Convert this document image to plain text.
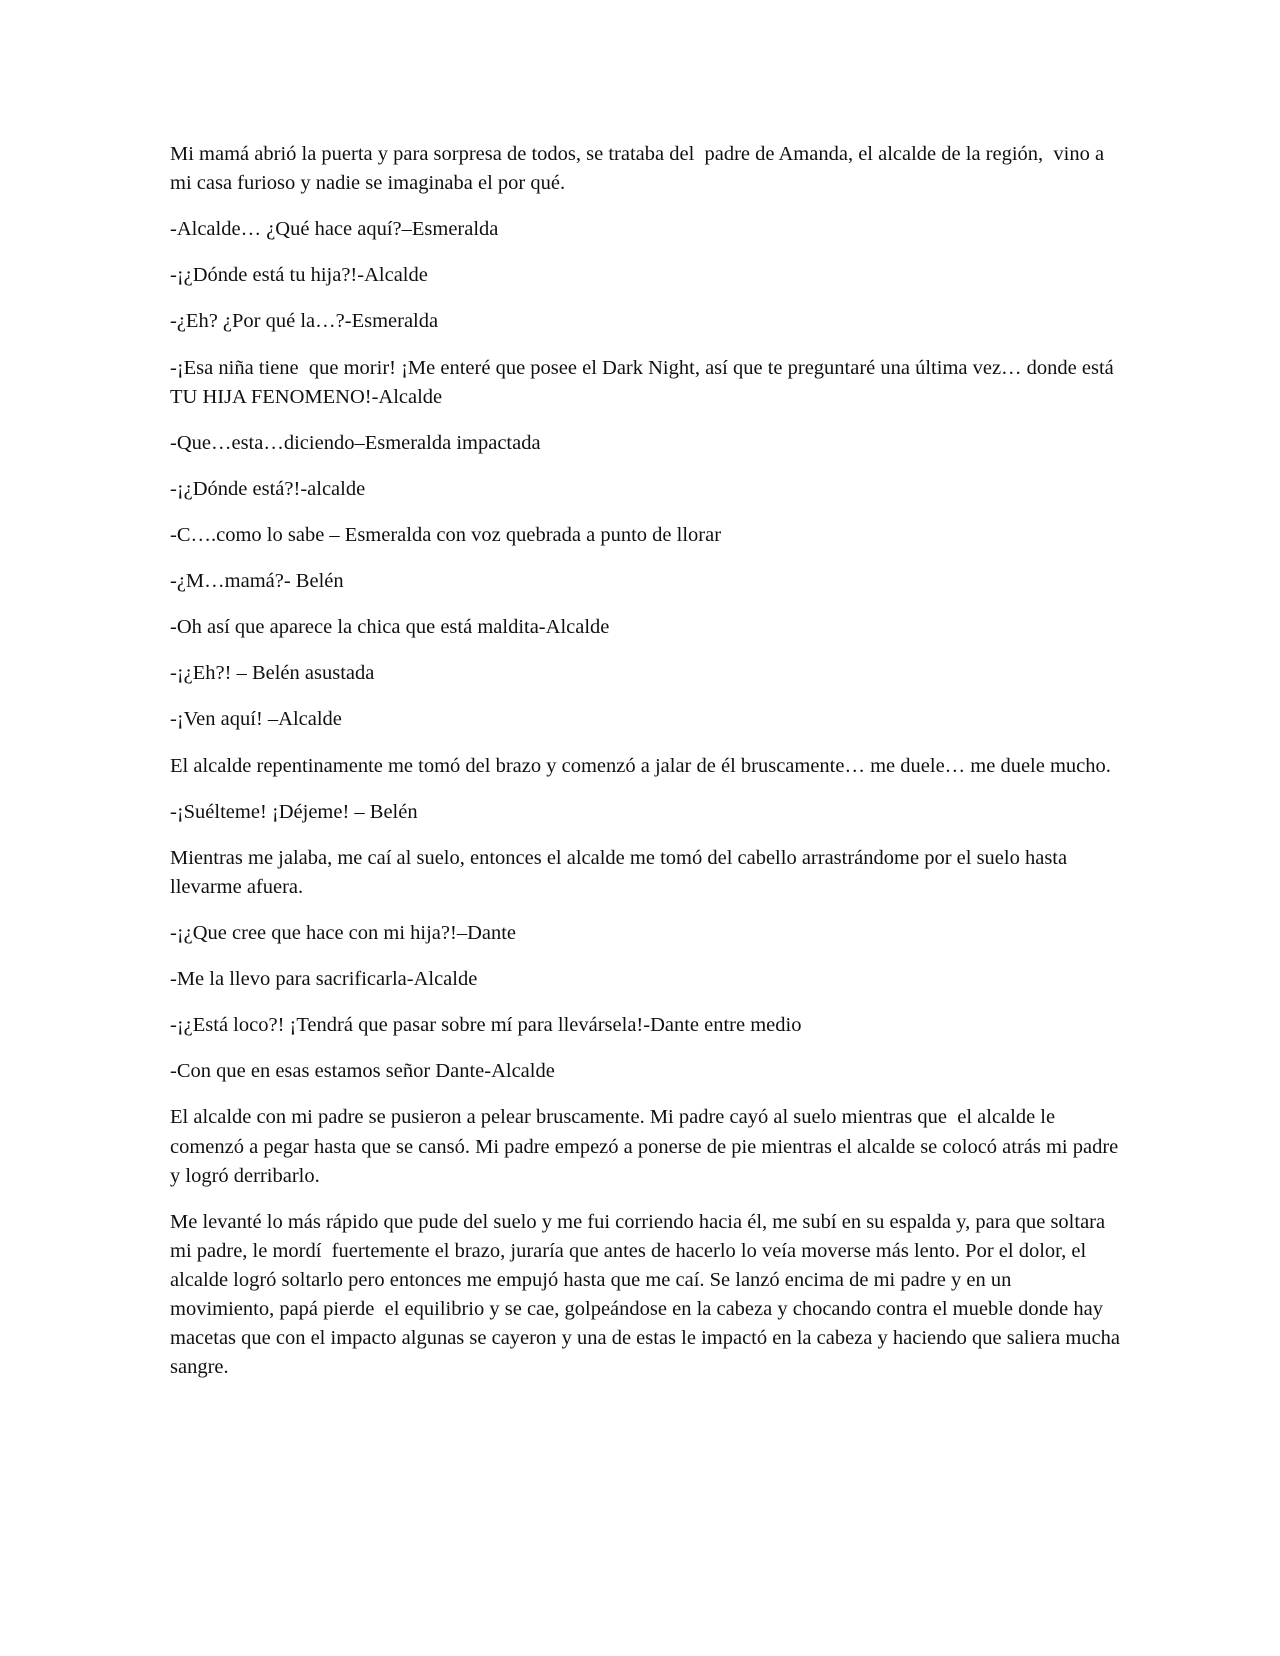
Mi mamá abrió la puerta y para sorpresa de todos, se trataba del  padre de Amanda, el alcalde de la región,  vino a mi casa furioso y nadie se imaginaba el por qué.

-Alcalde… ¿Qué hace aquí?–Esmeralda

-¡¿Dónde está tu hija?!-Alcalde

-¿Eh? ¿Por qué la…?-Esmeralda

-¡Esa niña tiene  que morir! ¡Me enteré que posee el Dark Night, así que te preguntaré una última vez… donde está TU HIJA FENOMENO!-Alcalde

-Que…esta…diciendo–Esmeralda impactada

-¡¿Dónde está?!-alcalde

-C….como lo sabe – Esmeralda con voz quebrada a punto de llorar

-¿M…mamá?- Belén

-Oh así que aparece la chica que está maldita-Alcalde

-¡¿Eh?! – Belén asustada

-¡Ven aquí! –Alcalde

El alcalde repentinamente me tomó del brazo y comenzó a jalar de él bruscamente… me duele… me duele mucho.

-¡Suélteme! ¡Déjeme! – Belén

Mientras me jalaba, me caí al suelo, entonces el alcalde me tomó del cabello arrastrándome por el suelo hasta llevarme afuera.

-¡¿Que cree que hace con mi hija?!–Dante

-Me la llevo para sacrificarla-Alcalde

-¡¿Está loco?! ¡Tendrá que pasar sobre mí para llevársela!-Dante entre medio

-Con que en esas estamos señor Dante-Alcalde

El alcalde con mi padre se pusieron a pelear bruscamente. Mi padre cayó al suelo mientras que  el alcalde le comenzó a pegar hasta que se cansó. Mi padre empezó a ponerse de pie mientras el alcalde se colocó atrás mi padre y logró derribarlo.

Me levanté lo más rápido que pude del suelo y me fui corriendo hacia él, me subí en su espalda y, para que soltara mi padre, le mordí  fuertemente el brazo, juraría que antes de hacerlo lo veía moverse más lento. Por el dolor, el alcalde logró soltarlo pero entonces me empujó hasta que me caí. Se lanzó encima de mi padre y en un movimiento, papá pierde  el equilibrio y se cae, golpeándose en la cabeza y chocando contra el mueble donde hay macetas que con el impacto algunas se cayeron y una de estas le impactó en la cabeza y haciendo que saliera mucha sangre.
